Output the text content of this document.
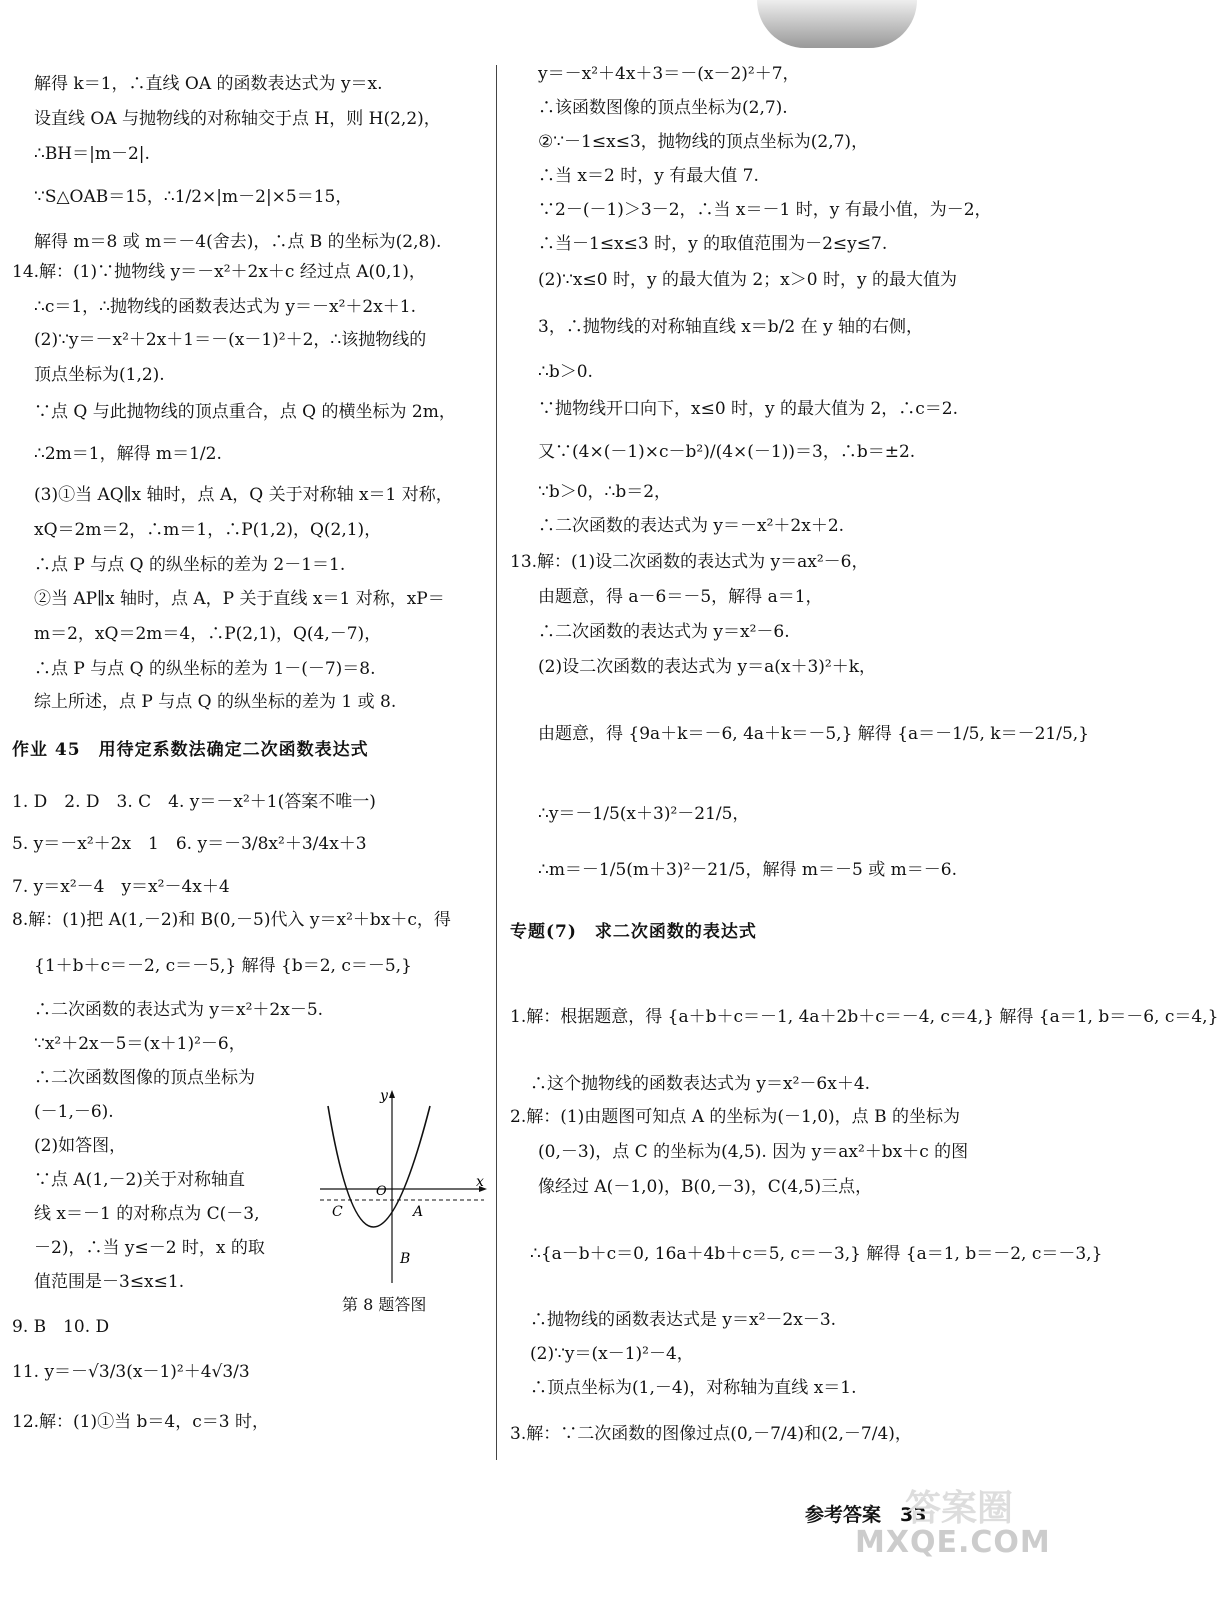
解得 k＝1，∴直线 OA 的函数表达式为 y＝x.
设直线 OA 与抛物线的对称轴交于点 H，则 H(2,2)，
∴BH＝|m－2|.
∵S△OAB＝15，∴1/2×|m－2|×5＝15，
解得 m＝8 或 m＝－4(舍去)，∴点 B 的坐标为(2,8).
14.解：(1)∵抛物线 y＝－x²＋2x＋c 经过点 A(0,1)，
∴c＝1，∴抛物线的函数表达式为 y＝－x²＋2x＋1.
(2)∵y＝－x²＋2x＋1＝－(x－1)²＋2，∴该抛物线的
顶点坐标为(1,2).
∵点 Q 与此抛物线的顶点重合，点 Q 的横坐标为 2m，
∴2m＝1，解得 m＝1/2.
(3)①当 AQ∥x 轴时，点 A，Q 关于对称轴 x＝1 对称，
xQ＝2m＝2，∴m＝1，∴P(1,2)，Q(2,1)，
∴点 P 与点 Q 的纵坐标的差为 2－1＝1.
②当 AP∥x 轴时，点 A，P 关于直线 x＝1 对称，xP＝
m＝2，xQ＝2m＝4，∴P(2,1)，Q(4,－7)，
∴点 P 与点 Q 的纵坐标的差为 1－(－7)＝8.
综上所述，点 P 与点 Q 的纵坐标的差为 1 或 8.
作业 45　用待定系数法确定二次函数表达式
1. D　2. D　3. C　4. y＝－x²＋1(答案不唯一)
5. y＝－x²＋2x　1　6. y＝－3/8x²＋3/4x＋3
7. y＝x²－4　y＝x²－4x＋4
8.解：(1)把 A(1,－2)和 B(0,－5)代入 y＝x²＋bx＋c，得
{1＋b＋c＝－2, c＝－5,} 解得 {b＝2, c＝－5,}
∴二次函数的表达式为 y＝x²＋2x－5.
∵x²＋2x－5＝(x＋1)²－6，
∴二次函数图像的顶点坐标为
(－1,－6).
(2)如答图，
∵点 A(1,－2)关于对称轴直
线 x＝－1 的对称点为 C(－3,
－2)，∴当 y≤－2 时，x 的取
值范围是－3≤x≤1.
9. B　10. D
11. y＝－√3/3(x－1)²＋4√3/3
12.解：(1)①当 b＝4，c＝3 时，
y
x
O
C	A
B
第 8 题答图
y＝－x²＋4x＋3＝－(x－2)²＋7，
∴该函数图像的顶点坐标为(2,7).
②∵－1≤x≤3，抛物线的顶点坐标为(2,7)，
∴当 x＝2 时，y 有最大值 7.
∵2－(－1)＞3－2，∴当 x＝－1 时，y 有最小值，为－2，
∴当－1≤x≤3 时，y 的取值范围为－2≤y≤7.
(2)∵x≤0 时，y 的最大值为 2；x＞0 时，y 的最大值为
3，∴抛物线的对称轴直线 x＝b/2 在 y 轴的右侧，
∴b＞0.
∵抛物线开口向下，x≤0 时，y 的最大值为 2，∴c＝2.
又∵(4×(－1)×c－b²)/(4×(－1))＝3，∴b＝±2.
∵b＞0，∴b＝2，
∴二次函数的表达式为 y＝－x²＋2x＋2.
13.解：(1)设二次函数的表达式为 y＝ax²－6，
由题意，得 a－6＝－5，解得 a＝1，
∴二次函数的表达式为 y＝x²－6.
(2)设二次函数的表达式为 y＝a(x＋3)²＋k，
由题意，得 {9a＋k＝－6, 4a＋k＝－5,} 解得 {a＝－1/5, k＝－21/5,}
∴y＝－1/5(x＋3)²－21/5，
∴m＝－1/5(m＋3)²－21/5，解得 m＝－5 或 m＝－6.
专题(7)　求二次函数的表达式
1.解：根据题意，得 {a＋b＋c＝－1, 4a＋2b＋c＝－4, c＝4,} 解得 {a＝1, b＝－6, c＝4,}
∴这个抛物线的函数表达式为 y＝x²－6x＋4.
2.解：(1)由题图可知点 A 的坐标为(－1,0)，点 B 的坐标为
(0,－3)，点 C 的坐标为(4,5). 因为 y＝ax²＋bx＋c 的图
像经过 A(－1,0)，B(0,－3)，C(4,5)三点，
∴{a－b＋c＝0, 16a＋4b＋c＝5, c＝－3,} 解得 {a＝1, b＝－2, c＝－3,}
∴抛物线的函数表达式是 y＝x²－2x－3.
(2)∵y＝(x－1)²－4，
∴顶点坐标为(1,－4)，对称轴为直线 x＝1.
3.解：∵二次函数的图像过点(0,－7/4)和(2,－7/4)，
参考答案　33
答案圈
MXQE.COM
